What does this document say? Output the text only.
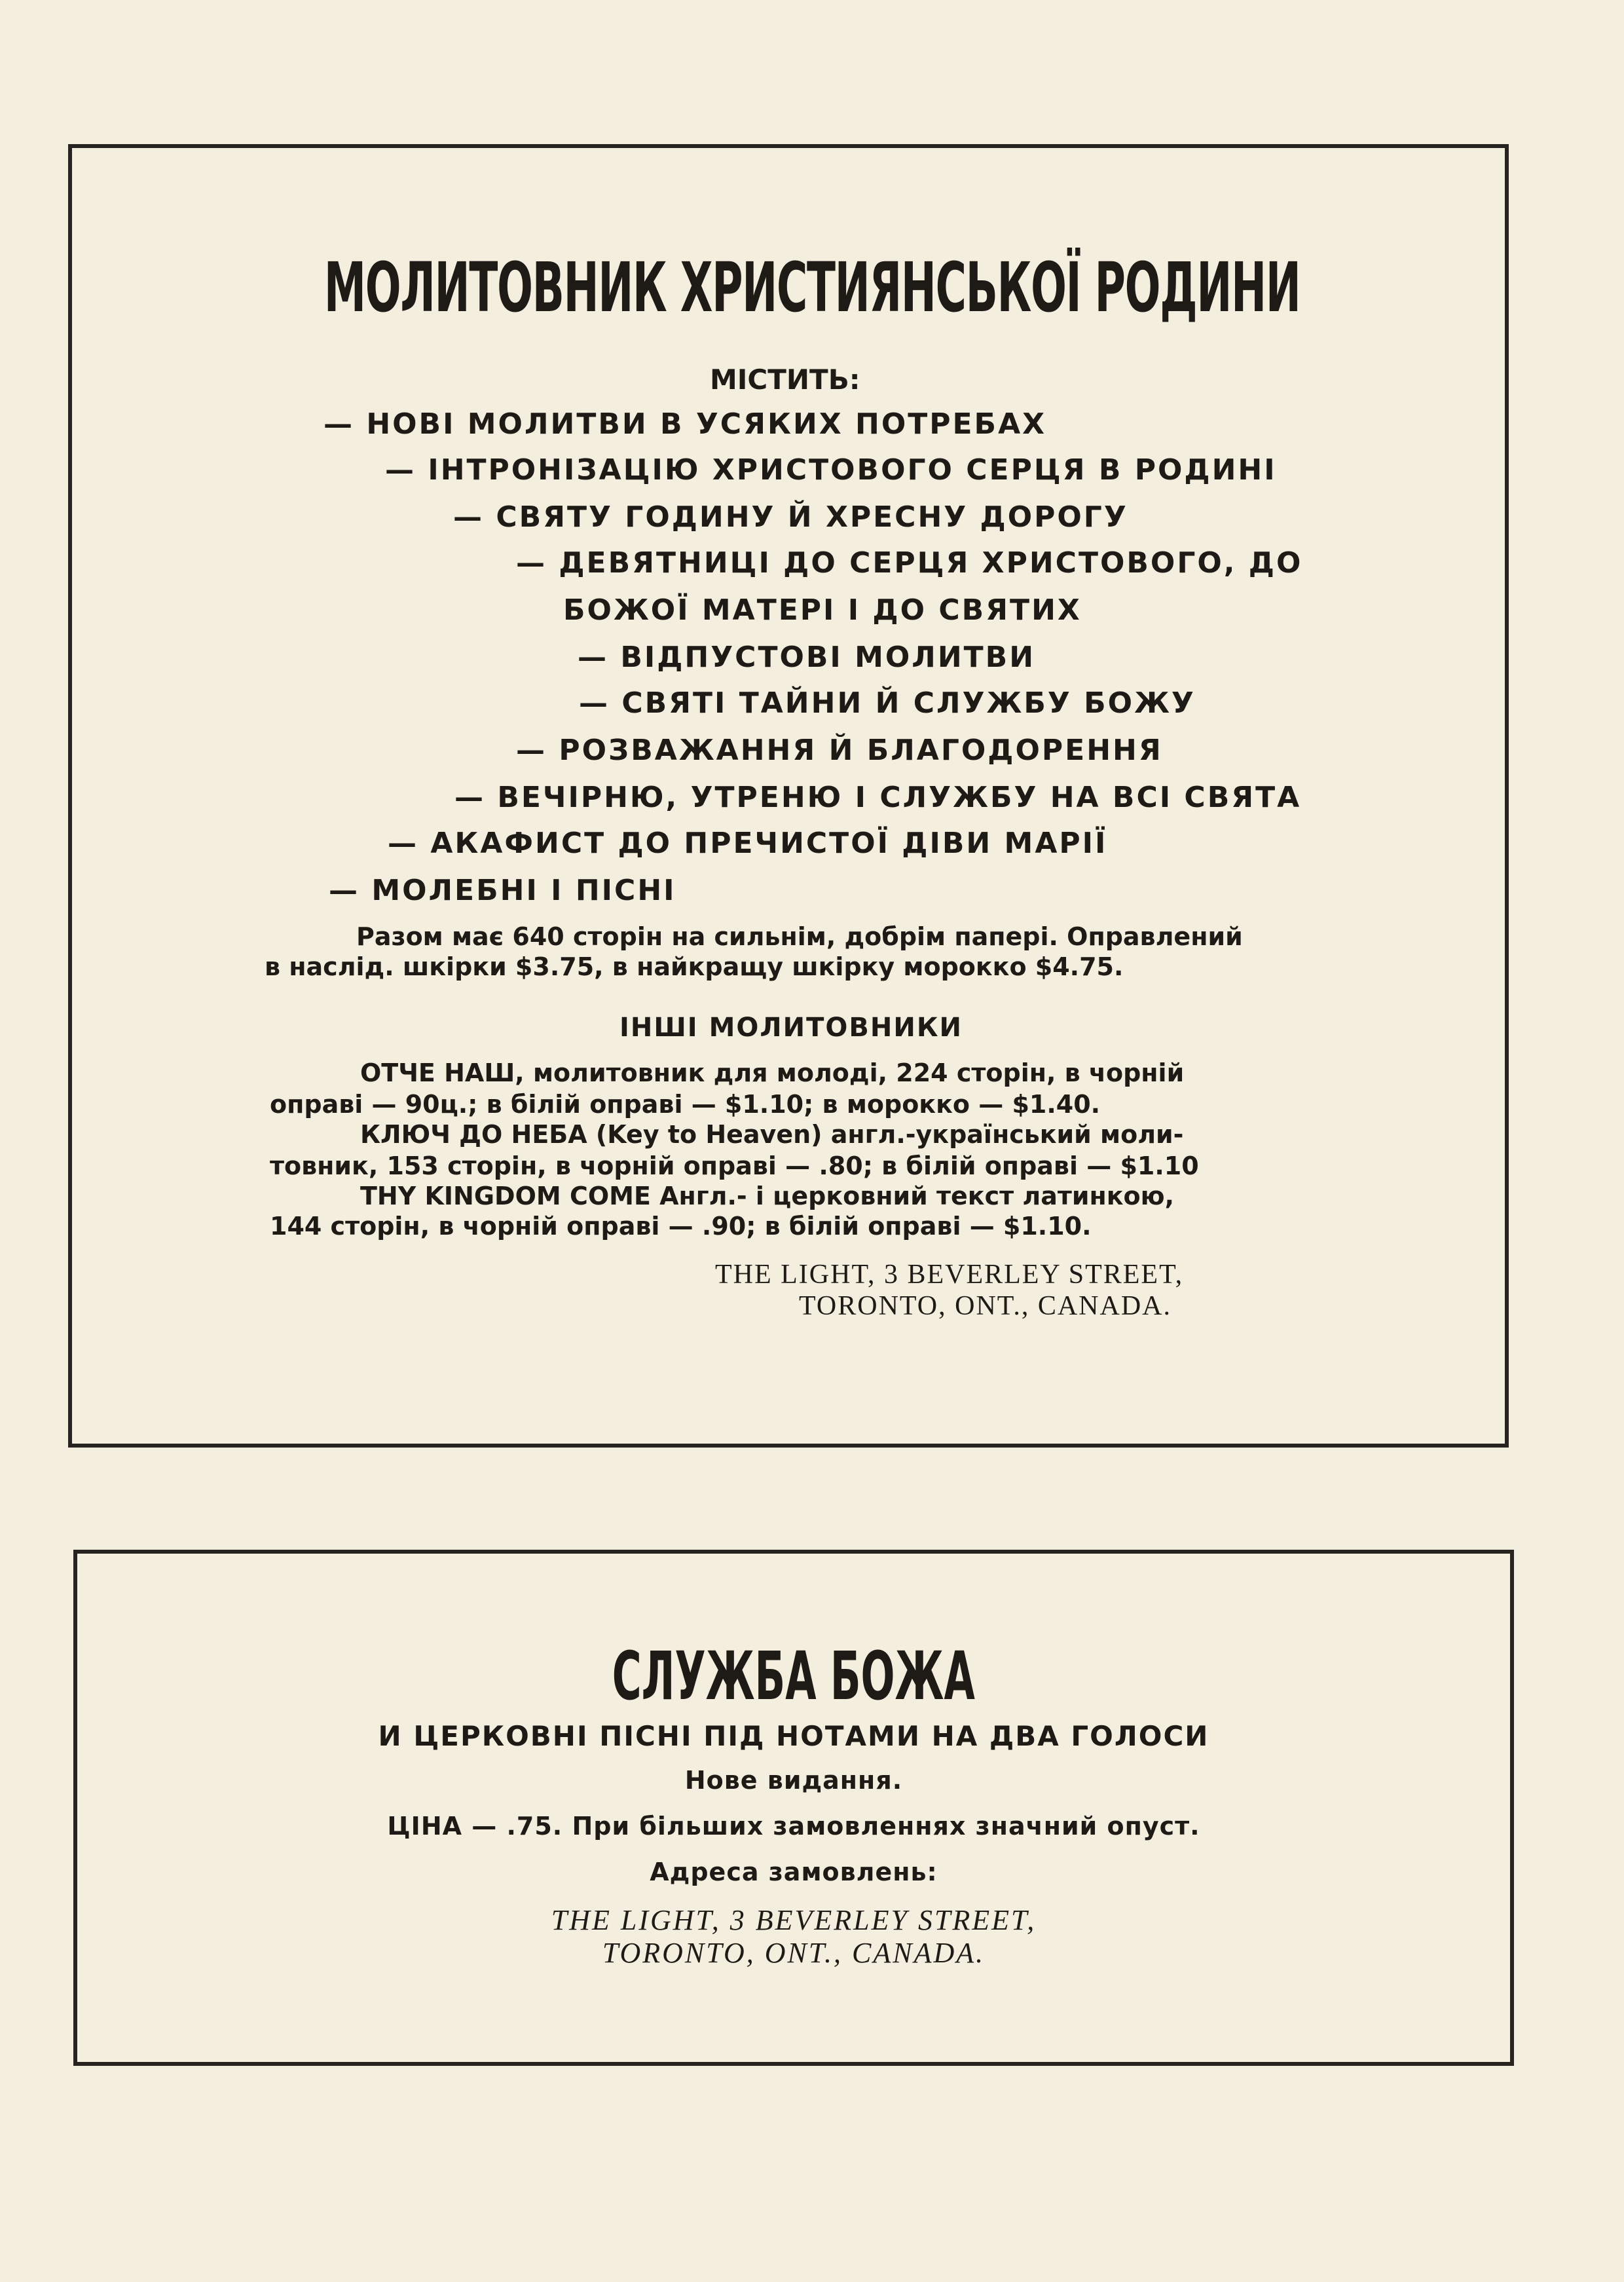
МОЛИТОВНИК ХРИСТИЯНСЬКОЇ РОДИНИ
МІСТИТЬ:
— НОВІ МОЛИТВИ В УСЯКИХ ПОТРЕБАХ
— ІНТРОНІЗАЦІЮ ХРИСТОВОГО СЕРЦЯ В РОДИНІ
— СВЯТУ ГОДИНУ Й ХРЕСНУ ДОРОГУ
— ДЕВЯТНИЦІ ДО СЕРЦЯ ХРИСТОВОГО, ДО
БОЖОЇ МАТЕРІ І ДО СВЯТИХ
— ВІДПУСТОВІ МОЛИТВИ
— СВЯТІ ТАЙНИ Й СЛУЖБУ БОЖУ
— РОЗВАЖАННЯ Й БЛАГОДОРЕННЯ
— ВЕЧІРНЮ, УТРЕНЮ І СЛУЖБУ НА ВСІ СВЯТА
— АКАФИСТ ДО ПРЕЧИСТОЇ ДІВИ МАРІЇ
— МОЛЕБНІ І ПІСНІ
Разом має 640 сторін на сильнім, добрім папері. Оправлений
в наслід. шкірки $3.75, в найкращу шкірку морокко $4.75.
ІНШІ МОЛИТОВНИКИ
ОТЧЕ НАШ, молитовник для молоді, 224 сторін, в чорній
оправі — 90ц.; в білій оправі — $1.10; в морокко — $1.40.
КЛЮЧ ДО НЕБА (Key to Heaven) англ.-український моли-
товник, 153 сторін, в чорній оправі — .80; в білій оправі — $1.10
THY KINGDOM COME Англ.- і церковний текст латинкою,
144 сторін, в чорній оправі — .90; в білій оправі — $1.10.
THE LIGHT, 3 BEVERLEY STREET,
TORONTO, ONT., CANADA.
СЛУЖБА БОЖА
И ЦЕРКОВНІ ПІСНІ ПІД НОТАМИ НА ДВА ГОЛОСИ
Нове видання.
ЦІНА — .75. При більших замовленнях значний опуст.
Адреса замовлень:
THE LIGHT, 3 BEVERLEY STREET,
TORONTO, ONT., CANADA.
